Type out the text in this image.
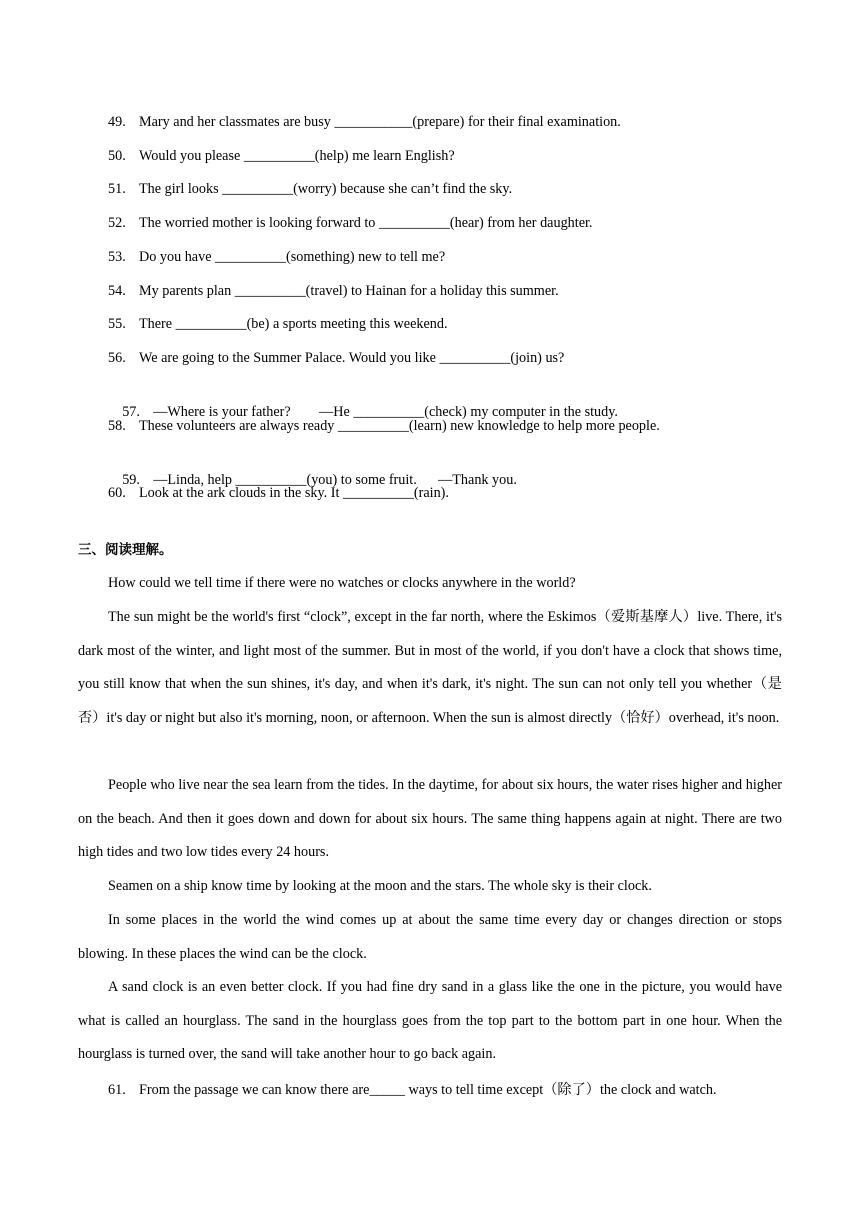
49. Mary and her classmates are busy ___________(prepare) for their final examination.
50. Would you please __________(help) me learn English?
51. The girl looks __________(worry) because she can’t find the sky.
52. The worried mother is looking forward to __________(hear) from her daughter.
53. Do you have __________(something) new to tell me?
54. My parents plan __________(travel) to Hainan for a holiday this summer.
55. There __________(be) a sports meeting this weekend.
56. We are going to the Summer Palace. Would you like __________(join) us?

57. —Where is your father?        —He __________(check) my computer in the study.

58. These volunteers are always ready __________(learn) new knowledge to help more people.

59. —Linda, help __________(you) to some fruit.      —Thank you.

60. Look at the ark clouds in the sky. It __________(rain).
三、阅读理解。
How could we tell time if there were no watches or clocks anywhere in the world?
The sun might be the world's first “clock”, except in the far north, where the Eskimos（爱斯基摩人）live. There, it's dark most of the winter, and light most of the summer. But in most of the world, if you don't have a clock that shows time, you still know that when the sun shines, it's day, and when it's dark, it's night. The sun can not only tell you whether（是否）it's day or night but also it's morning, noon, or afternoon. When the sun is almost directly（恰好）overhead, it's noon.
People who live near the sea learn from the tides. In the daytime, for about six hours, the water rises higher and higher on the beach. And then it goes down and down for about six hours. The same thing happens again at night. There are two high tides and two low tides every 24 hours.
Seamen on a ship know time by looking at the moon and the stars. The whole sky is their clock.
In some places in the world the wind comes up at about the same time every day or changes direction or stops blowing. In these places the wind can be the clock.
A sand clock is an even better clock. If you had fine dry sand in a glass like the one in the picture, you would have what is called an hourglass. The sand in the hourglass goes from the top part to the bottom part in one hour. When the hourglass is turned over, the sand will take another hour to go back again.
61. From the passage we can know there are_____ ways to tell time except（除了）the clock and watch.
